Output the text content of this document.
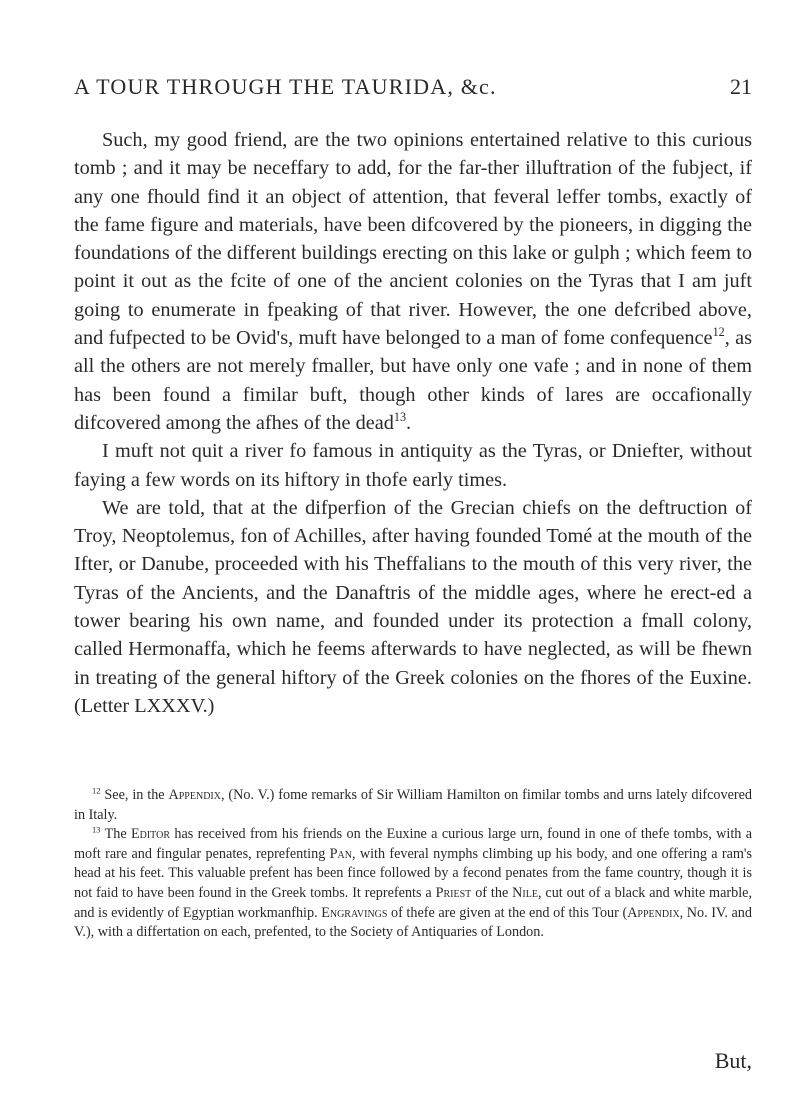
A TOUR THROUGH THE TAURIDA, &c.	21

Such, my good friend, are the two opinions entertained relative to this curious tomb ; and it may be neceffary to add, for the far-ther illuftration of the fubject, if any one fhould find it an object of attention, that feveral leffer tombs, exactly of the fame figure and materials, have been difcovered by the pioneers, in digging the foundations of the different buildings erecting on this lake or gulph ; which feem to point it out as the fcite of one of the ancient colonies on the Tyras that I am juft going to enumerate in fpeaking of that river. However, the one defcribed above, and fufpected to be Ovid's, muft have belonged to a man of fome confequence$^{12}$, as all the others are not merely fmaller, but have only one vafe ; and in none of them has been found a fimilar buft, though other kinds of lares are occafionally difcovered among the afhes of the dead$^{13}$.

I muft not quit a river fo famous in antiquity as the Tyras, or Dniefter, without faying a few words on its hiftory in thofe early times.

We are told, that at the difperfion of the Grecian chiefs on the deftruction of Troy, Neoptolemus, fon of Achilles, after having founded Tomé at the mouth of the Ifter, or Danube, proceeded with his Theffalians to the mouth of this very river, the Tyras of the Ancients, and the Danaftris of the middle ages, where he erect-ed a tower bearing his own name, and founded under its protection a fmall colony, called Hermonaffa, which he feems afterwards to have neglected, as will be fhewn in treating of the general hiftory of the Greek colonies on the fhores of the Euxine. (Letter LXXXV.)

$^{12}$ See, in the Appendix, (No. V.) fome remarks of Sir William Hamilton on fimilar tombs and urns lately difcovered in Italy.

$^{13}$ The Editor has received from his friends on the Euxine a curious large urn, found in one of thefe tombs, with a moft rare and fingular penates, reprefenting Pan, with feveral nymphs climbing up his body, and one offering a ram's head at his feet. This valuable prefent has been fince followed by a fecond penates from the fame country, though it is not faid to have been found in the Greek tombs. It reprefents a Priest of the Nile, cut out of a black and white marble, and is evidently of Egyptian workmanfhip. Engravings of thefe are given at the end of this Tour (Appendix, No. IV. and V.), with a differtation on each, prefented, to the Society of Antiquaries of London.

But,
